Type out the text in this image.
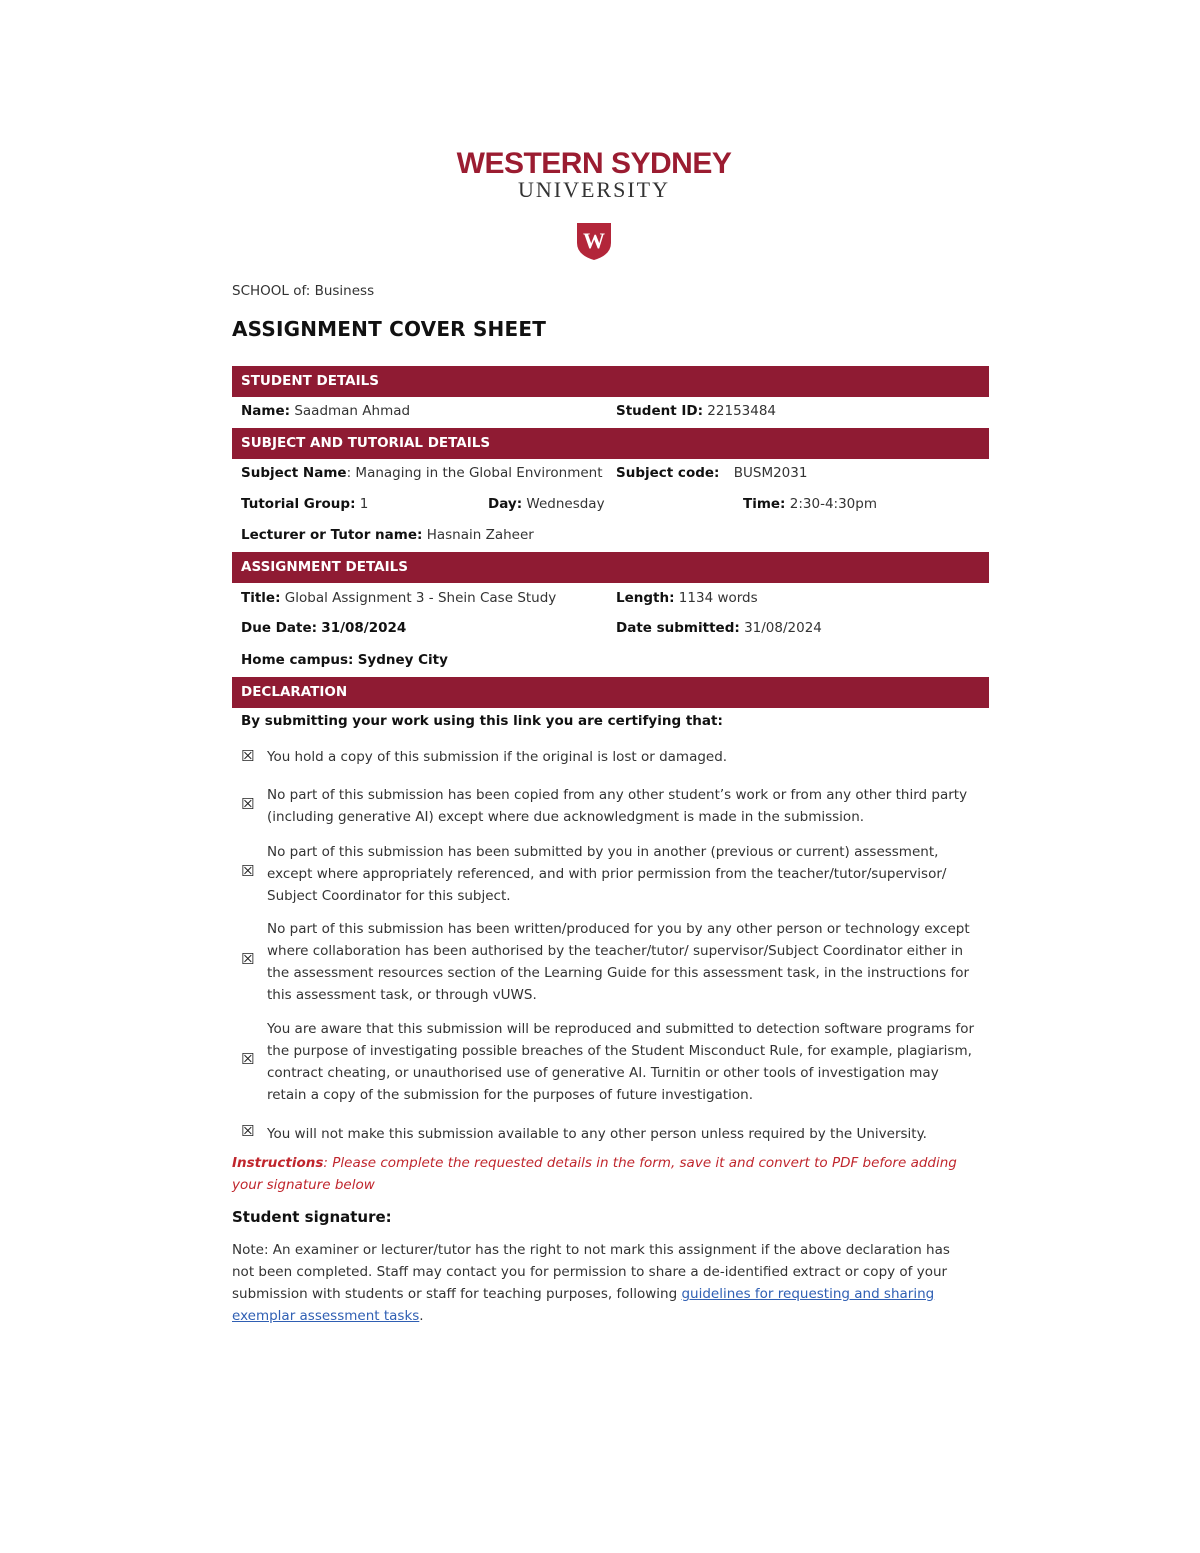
WESTERN SYDNEY
UNIVERSITY
W
SCHOOL of: Business
ASSIGNMENT COVER SHEET
STUDENT DETAILS
Name: Saadman Ahmad	Student ID: 22153484
SUBJECT AND TUTORIAL DETAILS
Subject Name: Managing in the Global Environment Subject code: BUSM2031
Tutorial Group: 1	Day: Wednesday	Time: 2:30-4:30pm
Lecturer or Tutor name: Hasnain Zaheer
ASSIGNMENT DETAILS
Title: Global Assignment 3 - Shein Case Study	Length: 1134 words
Due Date: 31/08/2024	Date submitted: 31/08/2024
Home campus: Sydney City
DECLARATION
By submitting your work using this link you are certifying that:
☒ You hold a copy of this submission if the original is lost or damaged.
☒ No part of this submission has been copied from any other student’s work or from any other third party (including generative AI) except where due acknowledgment is made in the submission.
☒
No part of this submission has been submitted by you in another (previous or current) assessment, except where appropriately referenced, and with prior permission from the teacher/tutor/supervisor/ Subject Coordinator for this subject.
☒
No part of this submission has been written/produced for you by any other person or technology except where collaboration has been authorised by the teacher/tutor/ supervisor/Subject Coordinator either in the assessment resources section of the Learning Guide for this assessment task, in the instructions for this assessment task, or through vUWS.
☒
You are aware that this submission will be reproduced and submitted to detection software programs for the purpose of investigating possible breaches of the Student Misconduct Rule, for example, plagiarism, contract cheating, or unauthorised use of generative AI. Turnitin or other tools of investigation may retain a copy of the submission for the purposes of future investigation.
☒ You will not make this submission available to any other person unless required by the University.
Instructions: Please complete the requested details in the form, save it and convert to PDF before adding your signature below
Student signature:
Note: An examiner or lecturer/tutor has the right to not mark this assignment if the above declaration has not been completed. Staff may contact you for permission to share a de-identified extract or copy of your submission with students or staff for teaching purposes, following guidelines for requesting and sharing exemplar assessment tasks.
